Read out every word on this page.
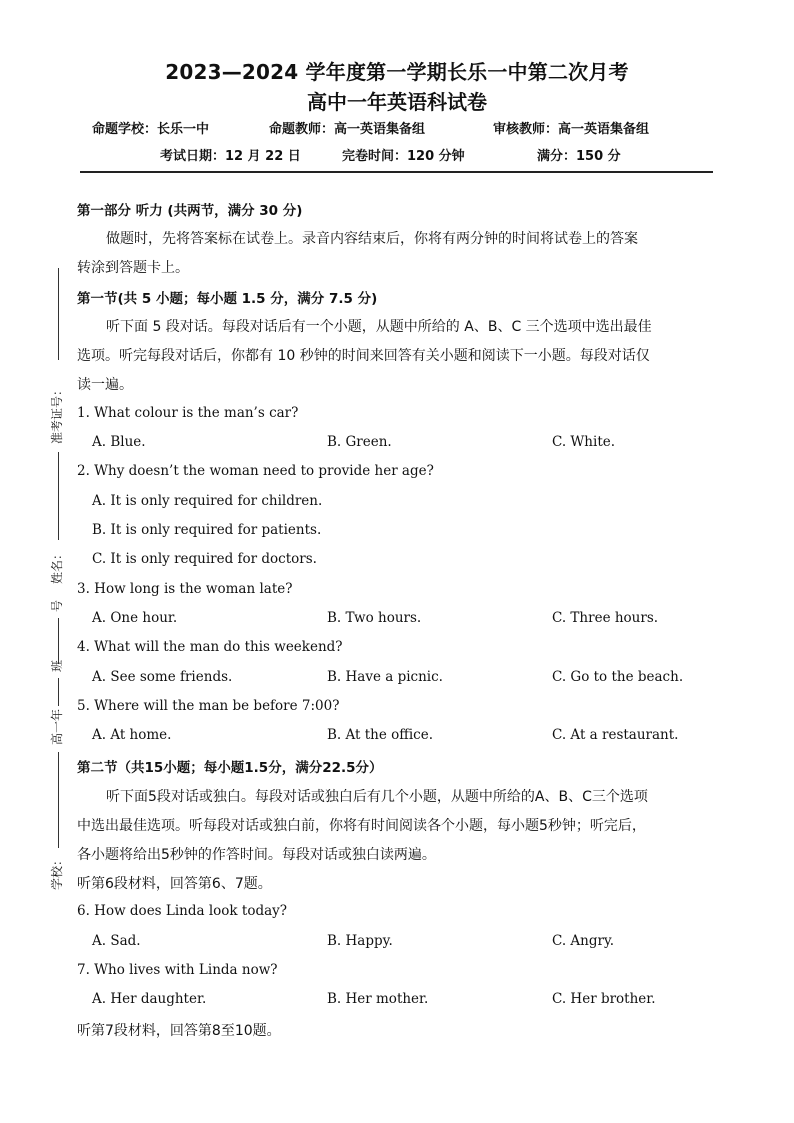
2023—2024 学年度第一学期长乐一中第二次月考
高中一年英语科试卷
命题学校：长乐一中	命题教师：高一英语集备组	审核教师：高一英语集备组
考试日期：12 月 22 日	完卷时间：120 分钟	满分：150 分
准考证号：
姓名：
号
班
高一年
学校：
第一部分 听力 (共两节，满分 30 分)
做题时，先将答案标在试卷上。录音内容结束后，你将有两分钟的时间将试卷上的答案
转涂到答题卡上。
第一节(共 5 小题；每小题 1.5 分，满分 7.5 分)
听下面 5 段对话。每段对话后有一个小题，从题中所给的 A、B、C 三个选项中选出最佳
选项。听完每段对话后，你都有 10 秒钟的时间来回答有关小题和阅读下一小题。每段对话仅
读一遍。
1. What colour is the man’s car?
A. Blue.	B. Green.	C. White.
2. Why doesn’t the woman need to provide her age?
A. It is only required for children.
B. It is only required for patients.
C. It is only required for doctors.
3. How long is the woman late?
A. One hour.	B. Two hours.	C. Three hours.
4. What will the man do this weekend?
A. See some friends.	B. Have a picnic.	C. Go to the beach.
5. Where will the man be before 7:00?
A. At home.	B. At the office.	C. At a restaurant.
第二节（共15小题；每小题1.5分，满分22.5分）
听下面5段对话或独白。每段对话或独白后有几个小题，从题中所给的A、B、C三个选项
中选出最佳选项。听每段对话或独白前，你将有时间阅读各个小题，每小题5秒钟；听完后，
各小题将给出5秒钟的作答时间。每段对话或独白读两遍。
听第6段材料，回答第6、7题。
6. How does Linda look today?
A. Sad.	B. Happy.	C. Angry.
7. Who lives with Linda now?
A. Her daughter.	B. Her mother.	C. Her brother.
听第7段材料，回答第8至10题。
